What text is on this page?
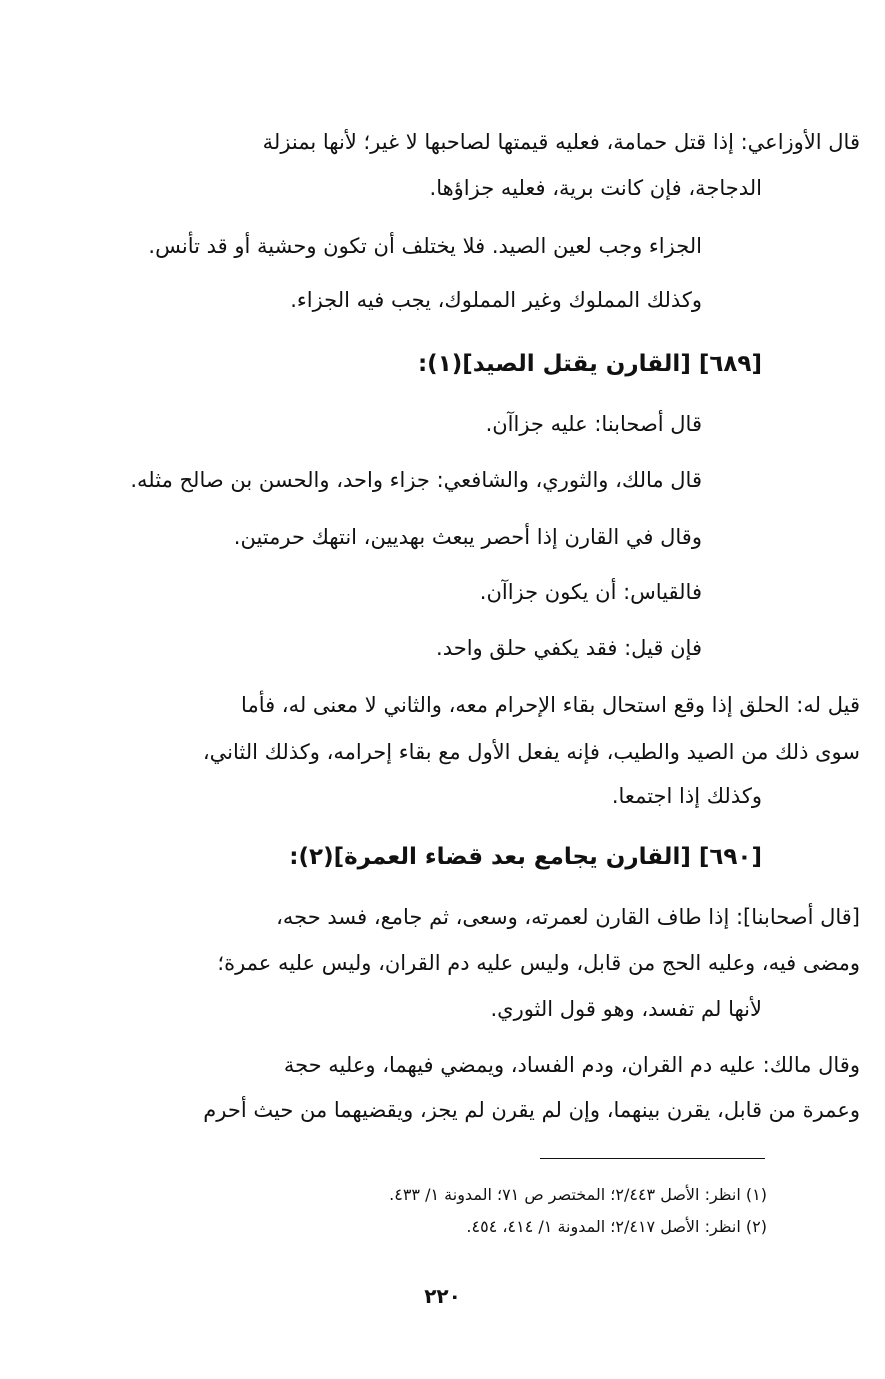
قال الأوزاعي: إذا قتل حمامة، فعليه قيمتها لصاحبها لا غير؛ لأنها بمنزلة

الدجاجة، فإن كانت برية، فعليه جزاؤها.

الجزاء وجب لعين الصيد. فلا يختلف أن تكون وحشية أو قد تأنس.

وكذلك المملوك وغير المملوك، يجب فيه الجزاء.

[٦٨٩] [القارن يقتل الصيد](١):

قال أصحابنا: عليه جزاآن.

قال مالك، والثوري، والشافعي: جزاء واحد، والحسن بن صالح مثله.

وقال في القارن إذا أحصر يبعث بهديين، انتهك حرمتين.

فالقياس: أن يكون جزاآن.

فإن قيل: فقد يكفي حلق واحد.

قيل له: الحلق إذا وقع استحال بقاء الإحرام معه، والثاني لا معنى له، فأما

سوى ذلك من الصيد والطيب، فإنه يفعل الأول مع بقاء إحرامه، وكذلك الثاني،

وكذلك إذا اجتمعا.

[٦٩٠] [القارن يجامع بعد قضاء العمرة](٢):

[قال أصحابنا]: إذا طاف القارن لعمرته، وسعى، ثم جامع، فسد حجه،

ومضى فيه، وعليه الحج من قابل، وليس عليه دم القران، وليس عليه عمرة؛

لأنها لم تفسد، وهو قول الثوري.

وقال مالك: عليه دم القران، ودم الفساد، ويمضي فيهما، وعليه حجة

وعمرة من قابل، يقرن بينهما، وإن لم يقرن لم يجز، ويقضيهما من حيث أحرم

(١) انظر: الأصل ٢/٤٤٣؛ المختصر ص ٧١؛ المدونة ١/ ٤٣٣.

(٢) انظر: الأصل ٢/٤١٧؛ المدونة ١/ ٤١٤، ٤٥٤.

٢٢٠
